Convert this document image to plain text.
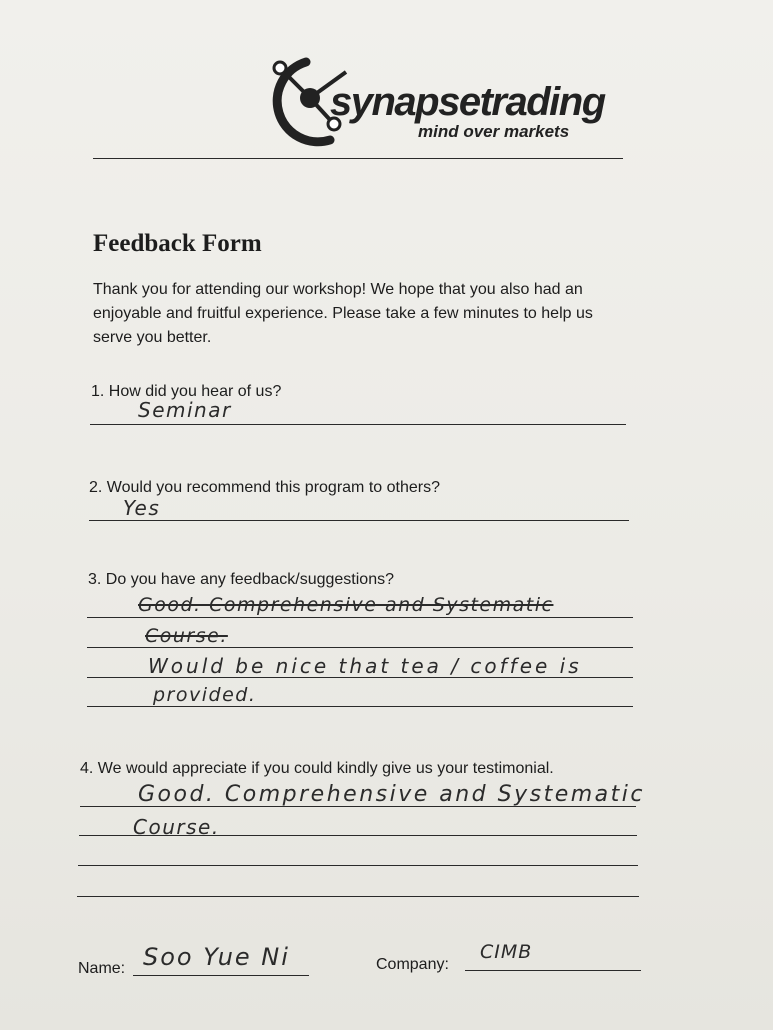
synapsetrading
mind over markets
Feedback Form
Thank you for attending our workshop! We hope that you also had an enjoyable and fruitful experience. Please take a few minutes to help us serve you better.
1. How did you hear of us?
Seminar
2. Would you recommend this program to others?
Yes
3. Do you have any feedback/suggestions?
Good. Comprehensive and Systematic
Course.
Would be nice that tea / coffee is
provided.
4. We would appreciate if you could kindly give us your testimonial.
Good. Comprehensive and Systematic
Course.
Name: Soo Yue Ni	Company:
CIMB
